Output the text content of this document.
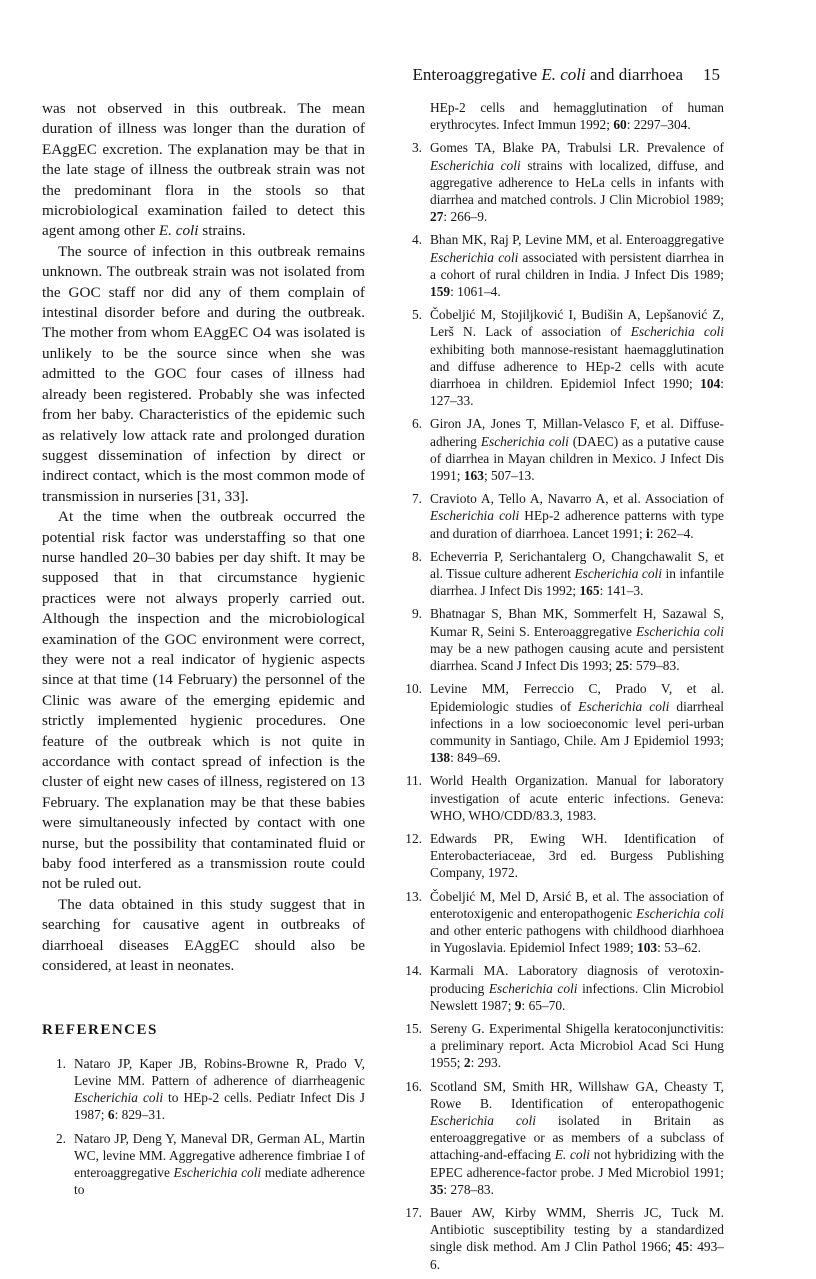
Enteroaggregative E. coli and diarrhoea 15

was not observed in this outbreak. The mean duration of illness was longer than the duration of EAggEC excretion. The explanation may be that in the late stage of illness the outbreak strain was not the predominant flora in the stools so that microbiological examination failed to detect this agent among other E. coli strains.

The source of infection in this outbreak remains unknown. The outbreak strain was not isolated from the GOC staff nor did any of them complain of intestinal disorder before and during the outbreak. The mother from whom EAggEC O4 was isolated is unlikely to be the source since when she was admitted to the GOC four cases of illness had already been registered. Probably she was infected from her baby. Characteristics of the epidemic such as relatively low attack rate and prolonged duration suggest dissemination of infection by direct or indirect contact, which is the most common mode of transmission in nurseries [31, 33].

At the time when the outbreak occurred the potential risk factor was understaffing so that one nurse handled 20–30 babies per day shift. It may be supposed that in that circumstance hygienic practices were not always properly carried out. Although the inspection and the microbiological examination of the GOC environment were correct, they were not a real indicator of hygienic aspects since at that time (14 February) the personnel of the Clinic was aware of the emerging epidemic and strictly implemented hygienic procedures. One feature of the outbreak which is not quite in accordance with contact spread of infection is the cluster of eight new cases of illness, registered on 13 February. The explanation may be that these babies were simultaneously infected by contact with one nurse, but the possibility that contaminated fluid or baby food interfered as a transmission route could not be ruled out.

The data obtained in this study suggest that in searching for causative agent in outbreaks of diarrhoeal diseases EAggEC should also be considered, at least in neonates.

REFERENCES
1. Nataro JP, Kaper JB, Robins-Browne R, Prado V, Levine MM. Pattern of adherence of diarrheagenic Escherichia coli to HEp-2 cells. Pediatr Infect Dis J 1987; 6: 829–31.
2. Nataro JP, Deng Y, Maneval DR, German AL, Martin WC, levine MM. Aggregative adherence fimbriae I of enteroaggregative Escherichia coli mediate adherence to
HEp-2 cells and hemagglutination of human erythrocytes. Infect Immun 1992; 60: 2297–304.
3. Gomes TA, Blake PA, Trabulsi LR. Prevalence of Escherichia coli strains with localized, diffuse, and aggregative adherence to HeLa cells in infants with diarrhea and matched controls. J Clin Microbiol 1989; 27: 266–9.
4. Bhan MK, Raj P, Levine MM, et al. Enteroaggregative Escherichia coli associated with persistent diarrhea in a cohort of rural children in India. J Infect Dis 1989; 159: 1061–4.
5. Čobeljić M, Stojiljković I, Budišin A, Lepšanović Z, Lerš N. Lack of association of Escherichia coli exhibiting both mannose-resistant haemagglutination and diffuse adherence to HEp-2 cells with acute diarrhoea in children. Epidemiol Infect 1990; 104: 127–33.
6. Giron JA, Jones T, Millan-Velasco F, et al. Diffuse-adhering Escherichia coli (DAEC) as a putative cause of diarrhea in Mayan children in Mexico. J Infect Dis 1991; 163; 507–13.
7. Cravioto A, Tello A, Navarro A, et al. Association of Escherichia coli HEp-2 adherence patterns with type and duration of diarrhoea. Lancet 1991; i: 262–4.
8. Echeverria P, Serichantalerg O, Changchawalit S, et al. Tissue culture adherent Escherichia coli in infantile diarrhea. J Infect Dis 1992; 165: 141–3.
9. Bhatnagar S, Bhan MK, Sommerfelt H, Sazawal S, Kumar R, Seini S. Enteroaggregative Escherichia coli may be a new pathogen causing acute and persistent diarrhea. Scand J Infect Dis 1993; 25: 579–83.
10. Levine MM, Ferreccio C, Prado V, et al. Epidemiologic studies of Escherichia coli diarrheal infections in a low socioeconomic level peri-urban community in Santiago, Chile. Am J Epidemiol 1993; 138: 849–69.
11. World Health Organization. Manual for laboratory investigation of acute enteric infections. Geneva: WHO, WHO/CDD/83.3, 1983.
12. Edwards PR, Ewing WH. Identification of Enterobacteriaceae, 3rd ed. Burgess Publishing Company, 1972.
13. Čobeljić M, Mel D, Arsić B, et al. The association of enterotoxigenic and enteropathogenic Escherichia coli and other enteric pathogens with childhood diarhhoea in Yugoslavia. Epidemiol Infect 1989; 103: 53–62.
14. Karmali MA. Laboratory diagnosis of verotoxin-producing Escherichia coli infections. Clin Microbiol Newslett 1987; 9: 65–70.
15. Sereny G. Experimental Shigella keratoconjunctivitis: a preliminary report. Acta Microbiol Acad Sci Hung 1955; 2: 293.
16. Scotland SM, Smith HR, Willshaw GA, Cheasty T, Rowe B. Identification of enteropathogenic Escherichia coli isolated in Britain as enteroaggregative or as members of a subclass of attaching-and-effacing E. coli not hybridizing with the EPEC adherence-factor probe. J Med Microbiol 1991; 35: 278–83.
17. Bauer AW, Kirby WMM, Sherris JC, Tuck M. Antibiotic susceptibility testing by a standardized single disk method. Am J Clin Pathol 1966; 45: 493–6.
